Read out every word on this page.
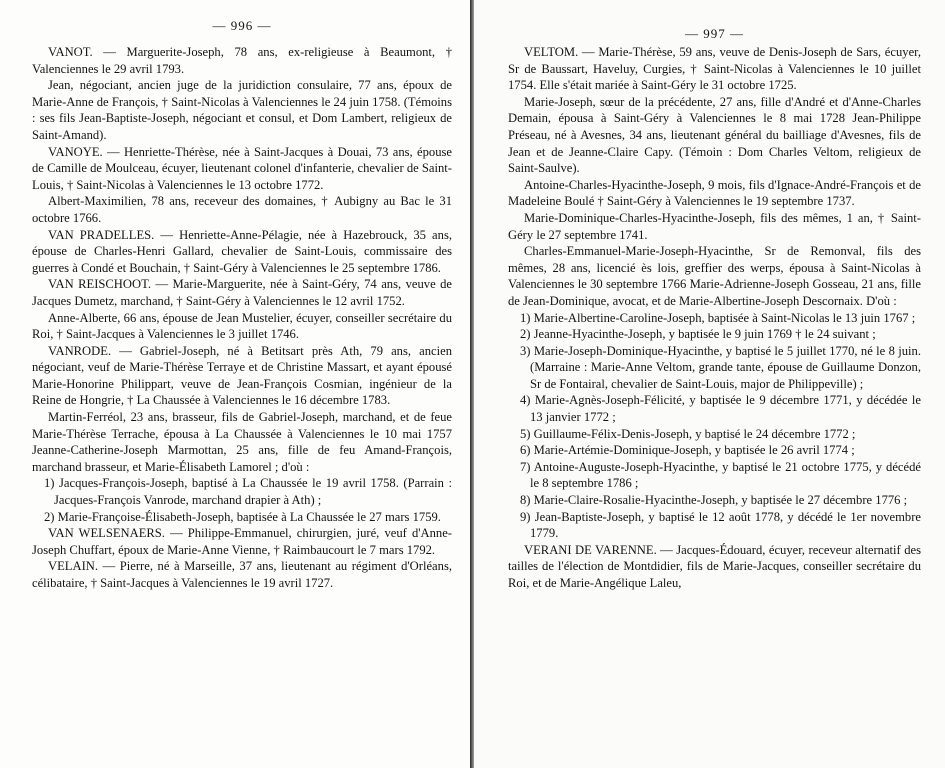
— 996 —

VANOT. — Marguerite-Joseph, 78 ans, ex-religieuse à Beaumont, † Valenciennes le 29 avril 1793.

Jean, négociant, ancien juge de la juridiction consulaire, 77 ans, époux de Marie-Anne de François, † Saint-Nicolas à Valenciennes le 24 juin 1758. (Témoins : ses fils Jean-Baptiste-Joseph, négociant et consul, et Dom Lambert, religieux de Saint-Amand).

VANOYE. — Henriette-Thérèse, née à Saint-Jacques à Douai, 73 ans, épouse de Camille de Moulceau, écuyer, lieutenant colonel d'infanterie, chevalier de Saint-Louis, † Saint-Nicolas à Valenciennes le 13 octobre 1772.

Albert-Maximilien, 78 ans, receveur des domaines, † Aubigny au Bac le 31 octobre 1766.

VAN PRADELLES. — Henriette-Anne-Pélagie, née à Hazebrouck, 35 ans, épouse de Charles-Henri Gallard, chevalier de Saint-Louis, commissaire des guerres à Condé et Bouchain, † Saint-Géry à Valenciennes le 25 septembre 1786.

VAN REISCHOOT. — Marie-Marguerite, née à Saint-Géry, 74 ans, veuve de Jacques Dumetz, marchand, † Saint-Géry à Valenciennes le 12 avril 1752.

Anne-Alberte, 66 ans, épouse de Jean Mustelier, écuyer, conseiller secrétaire du Roi, † Saint-Jacques à Valenciennes le 3 juillet 1746.

VANRODE. — Gabriel-Joseph, né à Betitsart près Ath, 79 ans, ancien négociant, veuf de Marie-Thérèse Terraye et de Christine Massart, et ayant épousé Marie-Honorine Philippart, veuve de Jean-François Cosmian, ingénieur de la Reine de Hongrie, † La Chaussée à Valenciennes le 16 décembre 1783.

Martin-Ferréol, 23 ans, brasseur, fils de Gabriel-Joseph, marchand, et de feue Marie-Thérèse Terrache, épousa à La Chaussée à Valenciennes le 10 mai 1757 Jeanne-Catherine-Joseph Marmottan, 25 ans, fille de feu Amand-François, marchand brasseur, et Marie-Élisabeth Lamorel ; d'où :

1) Jacques-François-Joseph, baptisé à La Chaussée le 19 avril 1758. (Parrain : Jacques-François Vanrode, marchand drapier à Ath) ;

2) Marie-Françoise-Élisabeth-Joseph, baptisée à La Chaussée le 27 mars 1759.

VAN WELSENAERS. — Philippe-Emmanuel, chirurgien, juré, veuf d'Anne-Joseph Chuffart, époux de Marie-Anne Vienne, † Raimbaucourt le 7 mars 1792.

VELAIN. — Pierre, né à Marseille, 37 ans, lieutenant au régiment d'Orléans, célibataire, † Saint-Jacques à Valenciennes le 19 avril 1727.

— 997 —

VELTOM. — Marie-Thérèse, 59 ans, veuve de Denis-Joseph de Sars, écuyer, Sr de Baussart, Haveluy, Curgies, † Saint-Nicolas à Valenciennes le 10 juillet 1754. Elle s'était mariée à Saint-Géry le 31 octobre 1725.

Marie-Joseph, sœur de la précédente, 27 ans, fille d'André et d'Anne-Charles Demain, épousa à Saint-Géry à Valenciennes le 8 mai 1728 Jean-Philippe Préseau, né à Avesnes, 34 ans, lieutenant général du bailliage d'Avesnes, fils de Jean et de Jeanne-Claire Capy. (Témoin : Dom Charles Veltom, religieux de Saint-Saulve).

Antoine-Charles-Hyacinthe-Joseph, 9 mois, fils d'Ignace-André-François et de Madeleine Boulé † Saint-Géry à Valenciennes le 19 septembre 1737.

Marie-Dominique-Charles-Hyacinthe-Joseph, fils des mêmes, 1 an, † Saint-Géry le 27 septembre 1741.

Charles-Emmanuel-Marie-Joseph-Hyacinthe, Sr de Remonval, fils des mêmes, 28 ans, licencié ès lois, greffier des werps, épousa à Saint-Nicolas à Valenciennes le 30 septembre 1766 Marie-Adrienne-Joseph Gosseau, 21 ans, fille de Jean-Dominique, avocat, et de Marie-Albertine-Joseph Descornaix. D'où :

1) Marie-Albertine-Caroline-Joseph, baptisée à Saint-Nicolas le 13 juin 1767 ;

2) Jeanne-Hyacinthe-Joseph, y baptisée le 9 juin 1769 † le 24 suivant ;

3) Marie-Joseph-Dominique-Hyacinthe, y baptisé le 5 juillet 1770, né le 8 juin. (Marraine : Marie-Anne Veltom, grande tante, épouse de Guillaume Donzon, Sr de Fontairal, chevalier de Saint-Louis, major de Philippeville) ;

4) Marie-Agnès-Joseph-Félicité, y baptisée le 9 décembre 1771, y décédée le 13 janvier 1772 ;

5) Guillaume-Félix-Denis-Joseph, y baptisé le 24 décembre 1772 ;

6) Marie-Artémie-Dominique-Joseph, y baptisée le 26 avril 1774 ;

7) Antoine-Auguste-Joseph-Hyacinthe, y baptisé le 21 octobre 1775, y décédé le 8 septembre 1786 ;

8) Marie-Claire-Rosalie-Hyacinthe-Joseph, y baptisée le 27 décembre 1776 ;

9) Jean-Baptiste-Joseph, y baptisé le 12 août 1778, y décédé le 1er novembre 1779.

VERANI DE VARENNE. — Jacques-Édouard, écuyer, receveur alternatif des tailles de l'élection de Montdidier, fils de Marie-Jacques, conseiller secrétaire du Roi, et de Marie-Angélique Laleu,
